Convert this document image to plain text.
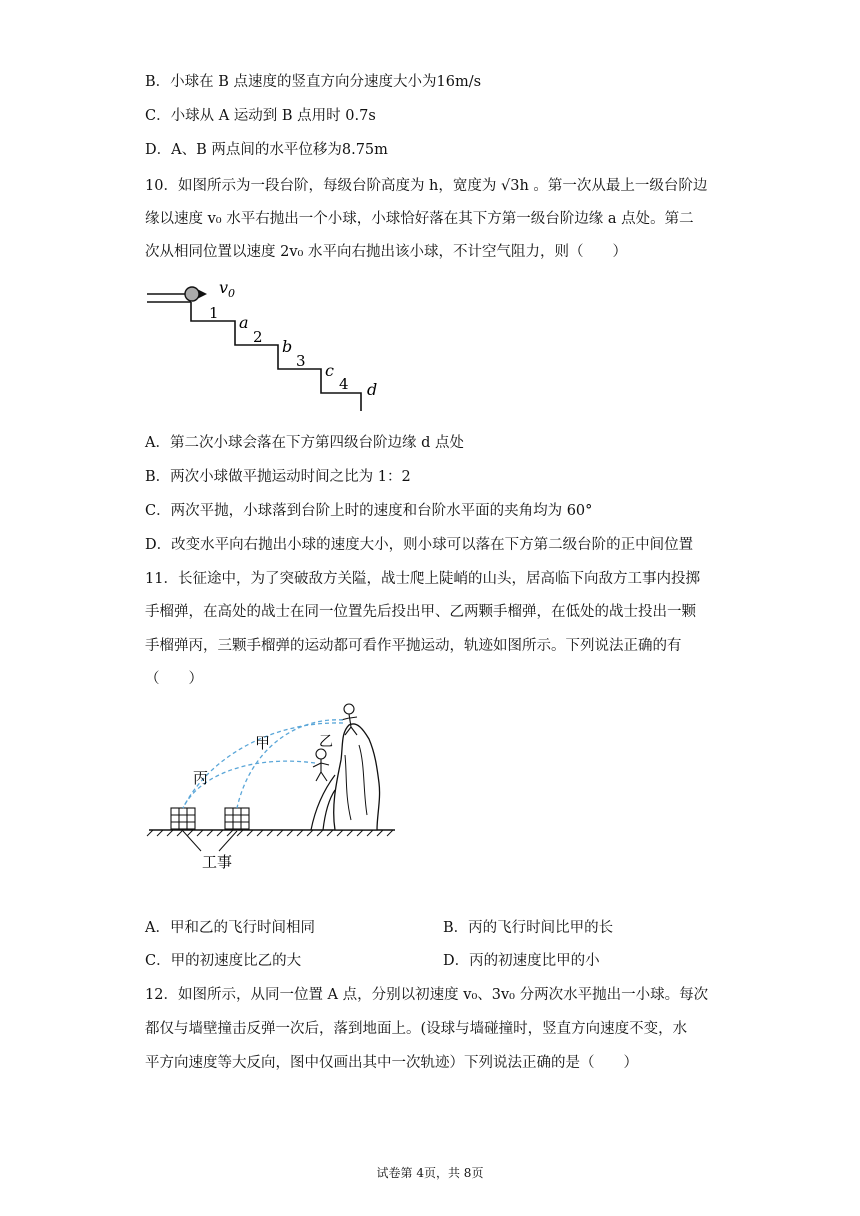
B．小球在 B 点速度的竖直方向分速度大小为16m/s
C．小球从 A 运动到 B 点用时 0.7s
D．A、B 两点间的水平位移为8.75m
10．如图所示为一段台阶，每级台阶高度为 h，宽度为 √3h 。第一次从最上一级台阶边
缘以速度 v₀ 水平右抛出一个小球，小球恰好落在其下方第一级台阶边缘 a 点处。第二
次从相同位置以速度 2v₀ 水平向右抛出该小球，不计空气阻力，则（　　）
$v_0$
1
2
3
4
a
b
c
d
A．第二次小球会落在下方第四级台阶边缘 d 点处
B．两次小球做平抛运动时间之比为 1：2
C．两次平抛，小球落到台阶上时的速度和台阶水平面的夹角均为 60°
D．改变水平向右抛出小球的速度大小，则小球可以落在下方第二级台阶的正中间位置
11．长征途中，为了突破敌方关隘，战士爬上陡峭的山头，居高临下向敌方工事内投掷
手榴弹，在高处的战士在同一位置先后投出甲、乙两颗手榴弹，在低处的战士投出一颗
手榴弹丙，三颗手榴弹的运动都可看作平抛运动，轨迹如图所示。下列说法正确的有
（　　）
甲	乙
丙
工事
A．甲和乙的飞行时间相同	B．丙的飞行时间比甲的长
C．甲的初速度比乙的大	D．丙的初速度比甲的小
12．如图所示，从同一位置 A 点，分别以初速度 v₀、3v₀ 分两次水平抛出一小球。每次
都仅与墙壁撞击反弹一次后，落到地面上。(设球与墙碰撞时，竖直方向速度不变，水
平方向速度等大反向，图中仅画出其中一次轨迹）下列说法正确的是（　　）
试卷第 4页，共 8页
